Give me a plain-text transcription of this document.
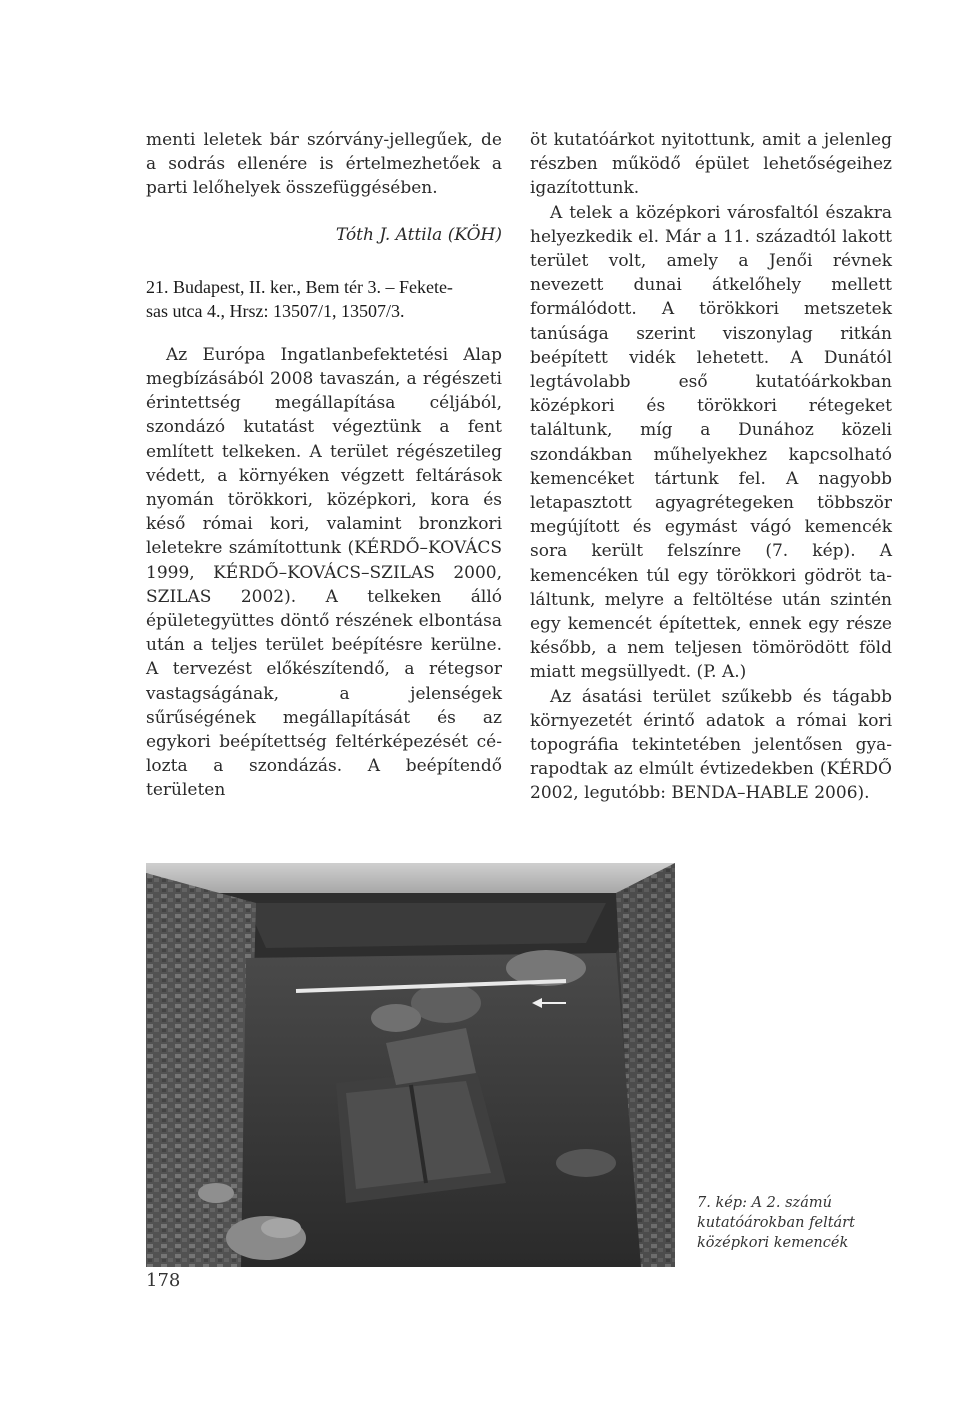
menti leletek bár szórvány-jellegűek, de a sodrás ellenére is értelmezhetőek a parti lelőhelyek összefüggésében.

Tóth J. Attila (KÖH)

21. Budapest, II. ker., Bem tér 3. – Fekete-
sas utca 4., Hrsz: 13507/1, 13507/3.

Az Európa Ingatlanbefektetési Alap megbízásából 2008 tavaszán, a régészeti érintettség megállapítása céljából, szondázó kutatást végeztünk a fent említett telkeken. A terület régészetileg védett, a környéken végzett feltárások nyomán törökkori, középkori, kora és késő római kori, valamint bronzkori leletekre számítottunk (KÉRDŐ–KOVÁCS 1999, KÉRDŐ–KOVÁCS–SZILAS 2000, SZILAS 2002). A telkeken álló épületegyüttes döntő részének elbontása után a teljes terület beépítésre kerülne. A tervezést előkészítendő, a rétegsor vastagságának, a jelenségek sűrűségének megállapítását és az egykori beépítettség feltérképezését célozta a szondázás. A beépítendő területen

öt kutatóárkot nyitottunk, amit a jelenleg részben működő épület lehetőségeihez igazítottunk.

A telek a középkori városfaltól északra helyezkedik el. Már a 11. századtól lakott terület volt, amely a Jenői révnek nevezett dunai átkelőhely mellett formálódott. A törökkori metszetek tanúsága szerint viszonylag ritkán beépített vidék lehetett. A Dunától legtávolabb eső kutatóárkokban középkori és törökkori rétegeket találtunk, míg a Dunához közeli szondákban műhelyekhez kapcsolható kemencéket tártunk fel. A nagyobb letapasztott agyagrétegeken többször megújított és egymást vágó kemencék sora került felszínre (7. kép). A kemencéken túl egy törökkori gödröt találtunk, melyre a feltöltése után szintén egy kemencét építettek, ennek egy része később, a nem teljesen tömörödött föld miatt megsüllyedt. (P. A.)

Az ásatási terület szűkebb és tágabb környezetét érintő adatok a római kori topográfia tekintetében jelentősen gyarapodtak az elmúlt évtizedekben (KÉRDŐ 2002, legutóbb: BENDA–HABLE 2006).

7. kép: A 2. számú
kutatóárokban feltárt
középkori kemencék
178
